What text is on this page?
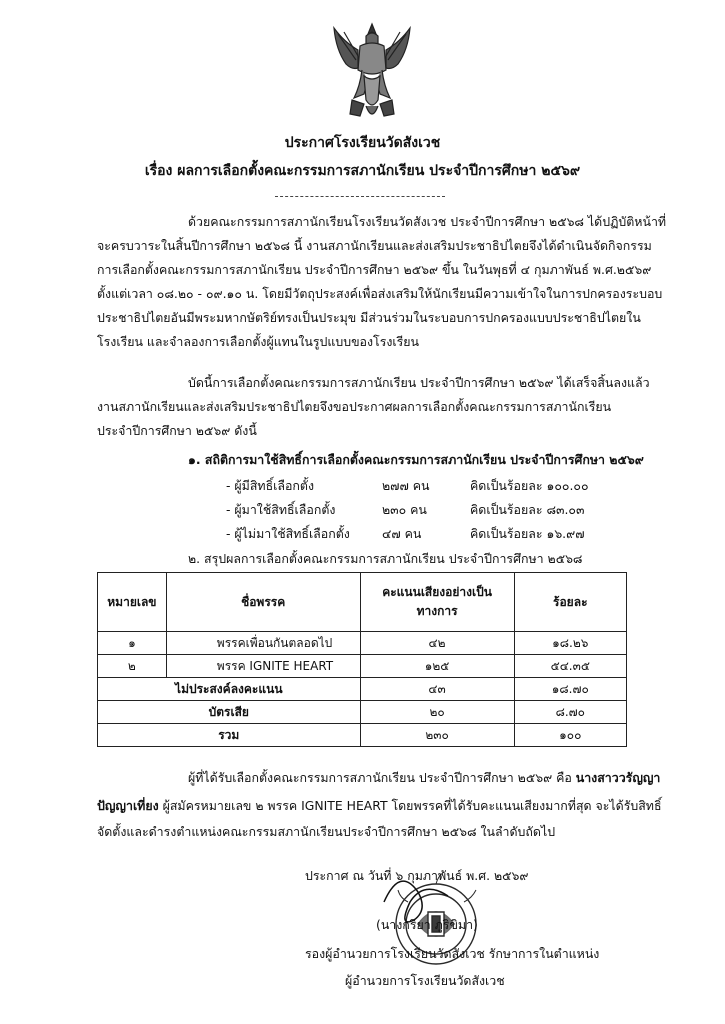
ประกาศโรงเรียนวัดสังเวช
เรื่อง ผลการเลือกตั้งคณะกรรมการสภานักเรียน ประจำปีการศึกษา ๒๕๖๙
ด้วยคณะกรรมการสภานักเรียนโรงเรียนวัดสังเวช ประจำปีการศึกษา ๒๕๖๘ ได้ปฏิบัติหน้าที่
จะครบวาระในสิ้นปีการศึกษา ๒๕๖๘ นี้ งานสภานักเรียนและส่งเสริมประชาธิปไตยจึงได้ดำเนินจัดกิจกรรม
การเลือกตั้งคณะกรรมการสภานักเรียน ประจำปีการศึกษา ๒๕๖๙ ขึ้น ในวันพุธที่ ๔ กุมภาพันธ์ พ.ศ.๒๕๖๙
ตั้งแต่เวลา ๐๘.๒๐ - ๐๙.๑๐ น. โดยมีวัตถุประสงค์เพื่อส่งเสริมให้นักเรียนมีความเข้าใจในการปกครองระบอบ
ประชาธิปไตยอันมีพระมหากษัตริย์ทรงเป็นประมุข มีส่วนร่วมในระบอบการปกครองแบบประชาธิปไตยใน
โรงเรียน และจำลองการเลือกตั้งผู้แทนในรูปแบบของโรงเรียน
บัดนี้การเลือกตั้งคณะกรรมการสภานักเรียน ประจำปีการศึกษา ๒๕๖๙ ได้เสร็จสิ้นลงแล้ว
งานสภานักเรียนและส่งเสริมประชาธิปไตยจึงขอประกาศผลการเลือกตั้งคณะกรรมการสภานักเรียน
ประจำปีการศึกษา ๒๕๖๙ ดังนี้
๑. สถิติการมาใช้สิทธิ์การเลือกตั้งคณะกรรมการสภานักเรียน ประจำปีการศึกษา ๒๕๖๙
- ผู้มีสิทธิ์เลือกตั้ง	๒๗๗ คน	คิดเป็นร้อยละ ๑๐๐.๐๐
- ผู้มาใช้สิทธิ์เลือกตั้ง	๒๓๐ คน	คิดเป็นร้อยละ ๘๓.๐๓
- ผู้ไม่มาใช้สิทธิ์เลือกตั้ง	๔๗ คน	คิดเป็นร้อยละ ๑๖.๙๗
๒. สรุปผลการเลือกตั้งคณะกรรมการสภานักเรียน ประจำปีการศึกษา ๒๕๖๘
หมายเลข	ชื่อพรรค	คะแนนเสียงอย่างเป็นทางการ	ร้อยละ
๑	พรรคเพื่อนกันตลอดไป	๔๒	๑๘.๒๖
๒	พรรค IGNITE HEART	๑๒๕	๕๔.๓๕
ไม่ประสงค์ลงคะแนน		๔๓	๑๘.๗๐
บัตรเสีย		๒๐	๘.๗๐
รวม		๒๓๐	๑๐๐
ผู้ที่ได้รับเลือกตั้งคณะกรรมการสภานักเรียน ประจำปีการศึกษา ๒๕๖๙ คือ นางสาววรัญญา
ปัญญาเที่ยง ผู้สมัครหมายเลข ๒ พรรค IGNITE HEART โดยพรรคที่ได้รับคะแนนเสียงมากที่สุด จะได้รับสิทธิ์
จัดตั้งและดำรงตำแหน่งคณะกรรมสภานักเรียนประจำปีการศึกษา ๒๕๖๘ ในลำดับถัดไป
ประกาศ ณ วันที่ ๖ กุมภาพันธ์ พ.ศ. ๒๕๖๙
(นางกริยา ภูริขิมา)
รองผู้อำนวยการโรงเรียนวัดสังเวช รักษาการในตำแหน่ง
ผู้อำนวยการโรงเรียนวัดสังเวช
